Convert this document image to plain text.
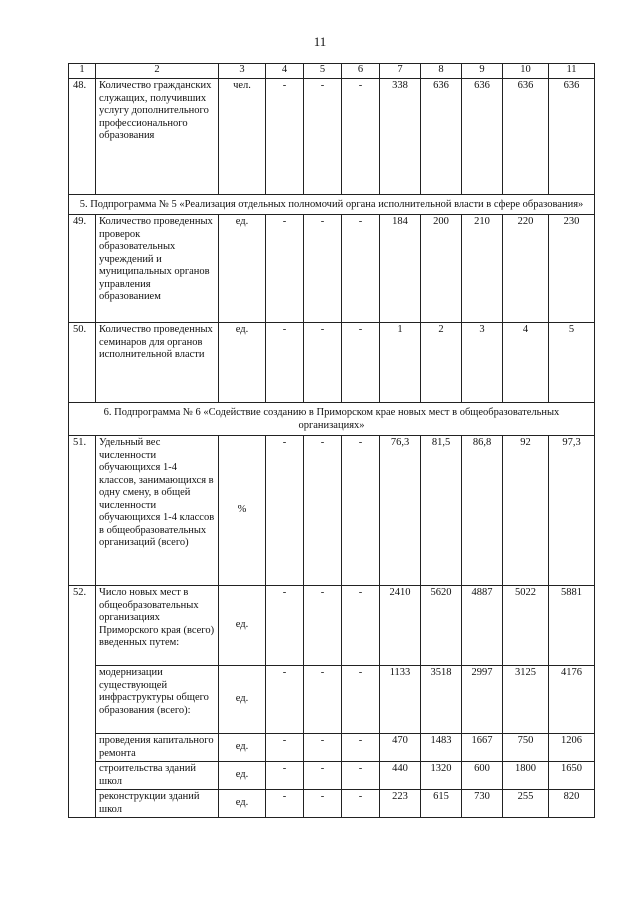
11
1	2	3	4	5	6	7	8	9	10	11
48.	Количество гражданских служащих, получивших услугу дополнительного профессионального образования	чел.	-	-	-	338	636	636	636	636
5. Подпрограмма № 5 «Реализация отдельных полномочий органа исполнительной власти в сфере образования»										
49.	Количество проведенных проверок образовательных учреждений и муниципальных органов управления образованием	ед.	-	-	-	184	200	210	220	230
50.	Количество проведенных семинаров для органов исполнительной власти	ед.	-	-	-	1	2	3	4	5
6. Подпрограмма № 6 «Содействие созданию в Приморском крае новых мест в общеобразовательных организациях»										
51.	Удельный вес численности обучающихся 1-4 классов, занимающихся в одну смену, в общей численности обучающихся 1-4 классов в общеобразовательных организаций (всего)	%	-	-	-	76,3	81,5	86,8	92	97,3
52.	Число новых мест в общеобразовательных организациях Приморского края (всего) введенных путем:	ед.	-	-	-	2410	5620	4887	5022	5881
	модернизации существующей инфраструктуры общего образования (всего):	ед.	-	-	-	1133	3518	2997	3125	4176
	проведения капитального ремонта	ед.	-	-	-	470	1483	1667	750	1206
	строительства зданий школ	ед.	-	-	-	440	1320	600	1800	1650
	реконструкции зданий школ	ед.	-	-	-	223	615	730	255	820
